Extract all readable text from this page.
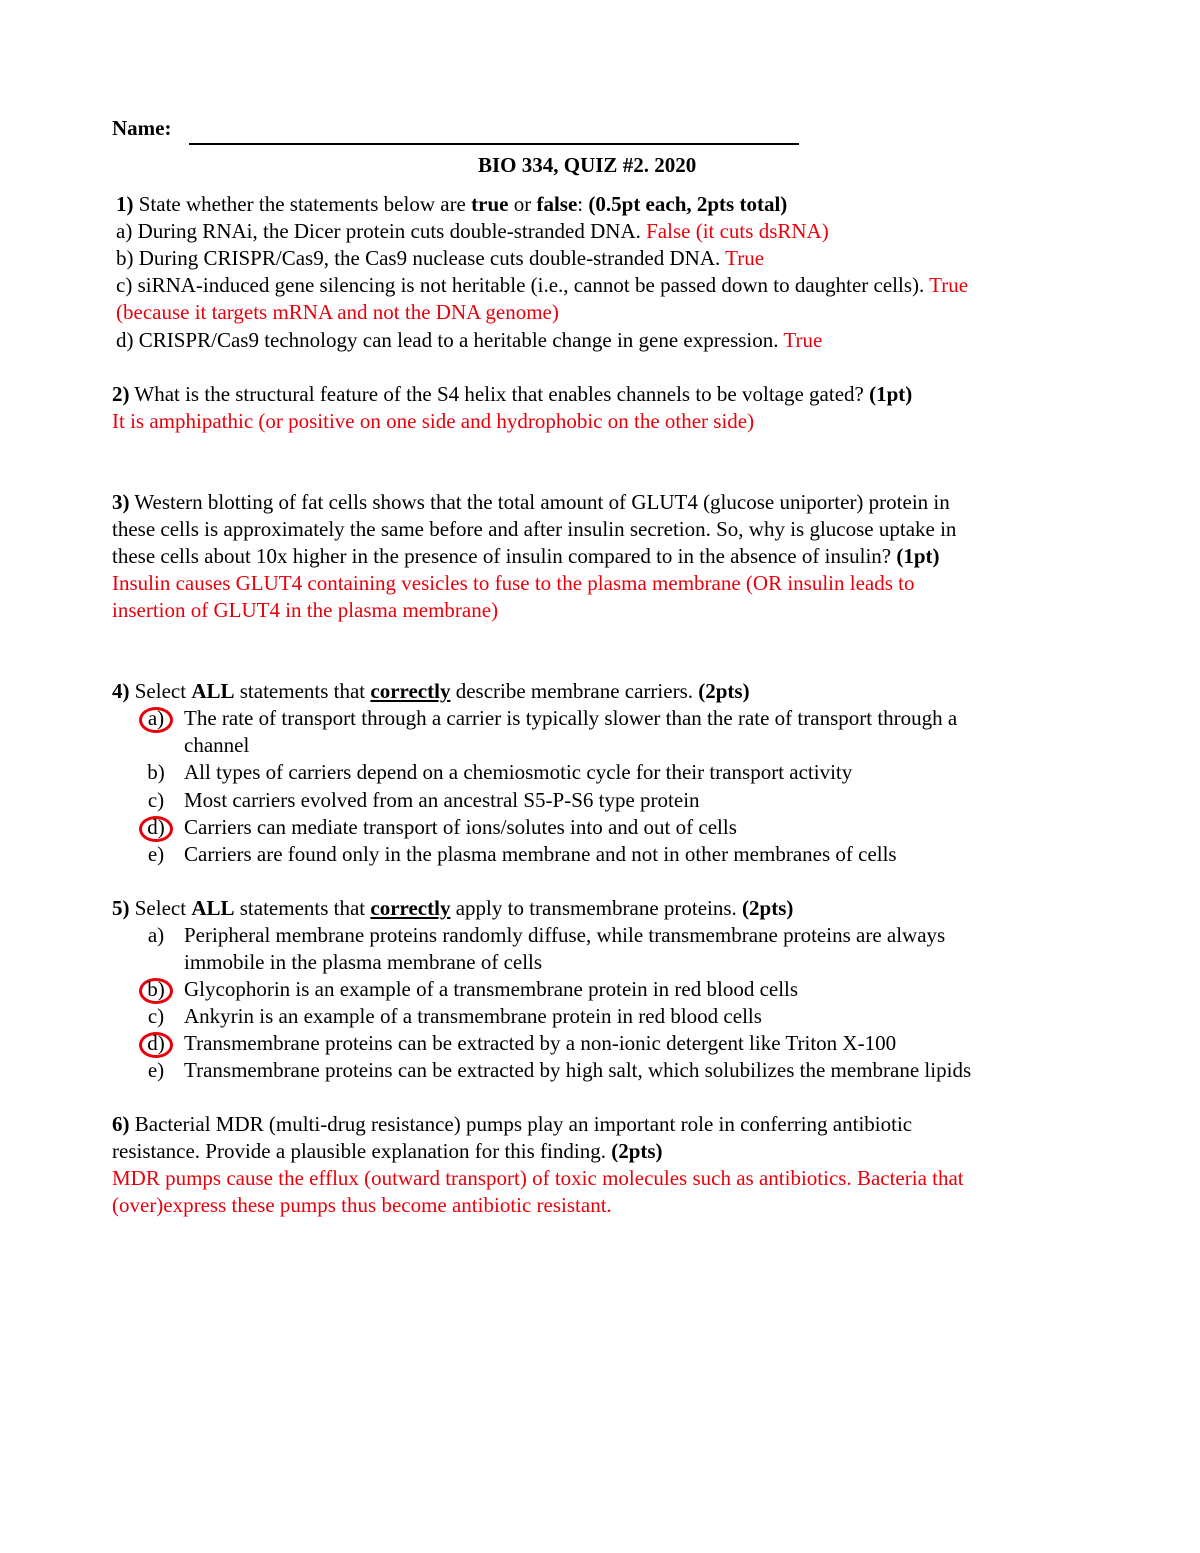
Name:
BIO 334, QUIZ #2. 2020
1) State whether the statements below are true or false: (0.5pt each, 2pts total)
a) During RNAi, the Dicer protein cuts double-stranded DNA. False (it cuts dsRNA)
b) During CRISPR/Cas9, the Cas9 nuclease cuts double-stranded DNA. True
c) siRNA-induced gene silencing is not heritable (i.e., cannot be passed down to daughter cells). True
(because it targets mRNA and not the DNA genome)
d) CRISPR/Cas9 technology can lead to a heritable change in gene expression. True
2) What is the structural feature of the S4 helix that enables channels to be voltage gated? (1pt)
It is amphipathic (or positive on one side and hydrophobic on the other side)
3) Western blotting of fat cells shows that the total amount of GLUT4 (glucose uniporter) protein in
these cells is approximately the same before and after insulin secretion. So, why is glucose uptake in
these cells about 10x higher in the presence of insulin compared to in the absence of insulin? (1pt)
Insulin causes GLUT4 containing vesicles to fuse to the plasma membrane (OR insulin leads to
insertion of GLUT4 in the plasma membrane)
4) Select ALL statements that correctly describe membrane carriers. (2pts)
a) The rate of transport through a carrier is typically slower than the rate of transport through a
channel
b) All types of carriers depend on a chemiosmotic cycle for their transport activity
c) Most carriers evolved from an ancestral S5-P-S6 type protein
d) Carriers can mediate transport of ions/solutes into and out of cells
e) Carriers are found only in the plasma membrane and not in other membranes of cells
5) Select ALL statements that correctly apply to transmembrane proteins. (2pts)
a) Peripheral membrane proteins randomly diffuse, while transmembrane proteins are always
immobile in the plasma membrane of cells
b) Glycophorin is an example of a transmembrane protein in red blood cells
c) Ankyrin is an example of a transmembrane protein in red blood cells
d) Transmembrane proteins can be extracted by a non-ionic detergent like Triton X-100
e) Transmembrane proteins can be extracted by high salt, which solubilizes the membrane lipids
6) Bacterial MDR (multi-drug resistance) pumps play an important role in conferring antibiotic
resistance. Provide a plausible explanation for this finding. (2pts)
MDR pumps cause the efflux (outward transport) of toxic molecules such as antibiotics. Bacteria that
(over)express these pumps thus become antibiotic resistant.
